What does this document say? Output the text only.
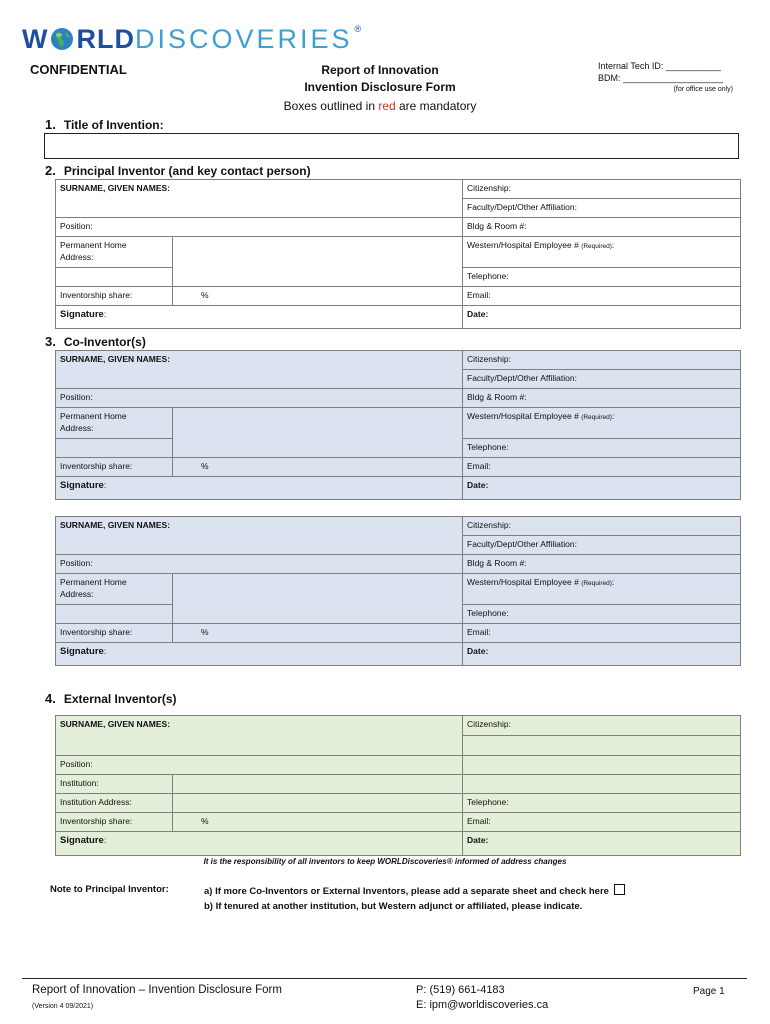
W RLD DISCOVERIES ®
CONFIDENTIAL	Report of Innovation
Invention Disclosure Form
Boxes outlined in red are mandatory
Internal Tech ID: ___________
BDM: ____________________
(for office use only)
1. Title of Invention:
2. Principal Inventor (and key contact person)
SURNAME, GIVEN NAMES:		Citizenship:
		Faculty/Dept/Other Affiliation:
Position:		Bldg & Room #:

Permanent Home
Address:		Western/Hospital Employee # (Required):
		Telephone:
Inventorship share:	%	Email:
Signature:		Date:
3. Co-Inventor(s)
SURNAME, GIVEN NAMES:		Citizenship:
		Faculty/Dept/Other Affiliation:
Position:		Bldg & Room #:

Permanent Home
Address:		Western/Hospital Employee # (Required):
		Telephone:
Inventorship share:	%	Email:
Signature:		Date:
SURNAME, GIVEN NAMES:		Citizenship:
		Faculty/Dept/Other Affiliation:
Position:		Bldg & Room #:

Permanent Home
Address:		Western/Hospital Employee # (Required):
		Telephone:
Inventorship share:	%	Email:
Signature:		Date:
4. External Inventor(s)
SURNAME, GIVEN NAMES:		Citizenship:

Position:		
Institution:		
Institution Address:		Telephone:
Inventorship share:	%	Email:
Signature:		Date:
It is the responsibility of all inventors to keep WORLDiscoveries® informed of address changes
Note to Principal Inventor:	a) If more Co-Inventors or External Inventors, please add a separate sheet and check here
b) If tenured at another institution, but Western adjunct or affiliated, please indicate.
Report of Innovation – Invention Disclosure Form
(Version 4 09/2021)
P: (519) 661-4183
E: ipm@worldiscoveries.ca
Page 1
